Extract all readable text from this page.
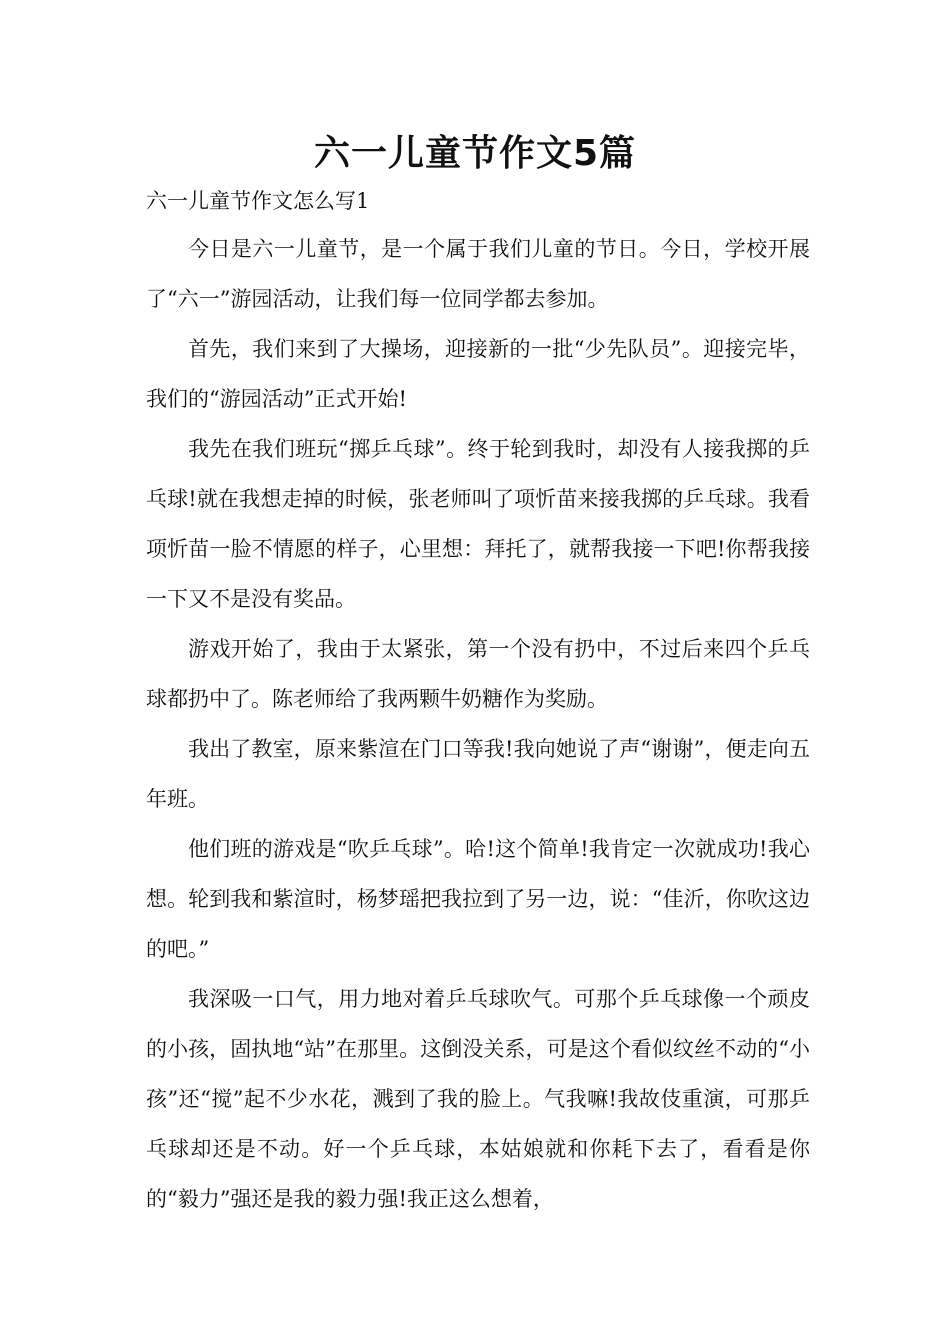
六一儿童节作文5篇

六一儿童节作文怎么写1

今日是六一儿童节，是一个属于我们儿童的节日。今日，学校开展了“六一”游园活动，让我们每一位同学都去参加。

首先，我们来到了大操场，迎接新的一批“少先队员”。迎接完毕，我们的“游园活动”正式开始!

我先在我们班玩“掷乒乓球”。终于轮到我时，却没有人接我掷的乒乓球!就在我想走掉的时候，张老师叫了项忻苗来接我掷的乒乓球。我看项忻苗一脸不情愿的样子，心里想：拜托了，就帮我接一下吧!你帮我接一下又不是没有奖品。

游戏开始了，我由于太紧张，第一个没有扔中，不过后来四个乒乓球都扔中了。陈老师给了我两颗牛奶糖作为奖励。

我出了教室，原来紫渲在门口等我!我向她说了声“谢谢”，便走向五年班。

他们班的游戏是“吹乒乓球”。哈!这个简单!我肯定一次就成功!我心想。轮到我和紫渲时，杨梦瑶把我拉到了另一边，说：“佳沂，你吹这边的吧。”

我深吸一口气，用力地对着乒乓球吹气。可那个乒乓球像一个顽皮的小孩，固执地“站”在那里。这倒没关系，可是这个看似纹丝不动的“小孩”还“搅”起不少水花，溅到了我的脸上。气我嘛!我故伎重演，可那乒乓球却还是不动。好一个乒乓球，本姑娘就和你耗下去了，看看是你的“毅力”强还是我的毅力强!我正这么想着，
